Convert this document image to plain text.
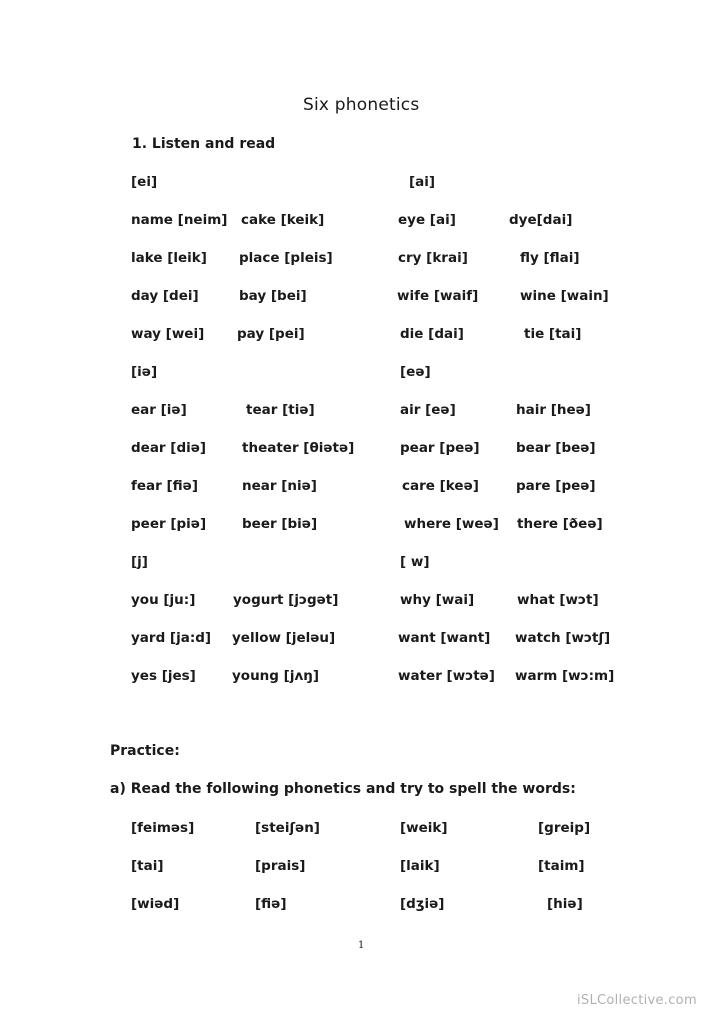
Six phonetics
1. Listen and read
[ei]	[ai]
name [neim] cake [keik]	eye [ai]	dye[dai]
lake [leik] place [pleis]	cry [krai]	fly [flai]
day [dei]	bay [bei]	wife [waif]	wine [wain]
way [wei] pay [pei]	die [dai]	tie [tai]
[iə]	[eə]
ear [iə]	tear [tiə]	air [eə]	hair [heə]
dear [diə]	theater [θiətə]	pear [peə]	bear [beə]
fear [fiə]	near [niə]	care [keə]	pare [peə]
peer [piə]	beer [biə]	where [weə] there [ðeə]
[j]	[ w]
you [ju:]	yogurt [jɔgət]	why [wai]	what [wɔt]
yard [ja:d] yellow [jeləu]	want [want] watch [wɔtʃ]
yes [jes]	young [jʌŋ]	water [wɔtə] warm [wɔ:m]
Practice:
a) Read the following phonetics and try to spell the words:
[feiməs]	[steiʃən]	[weik]	[greip]
[tai]	[prais]	[laik]	[taim]
[wiəd]	[fiə]	[dʒiə]	[hiə]
1
iSLCollective.com
